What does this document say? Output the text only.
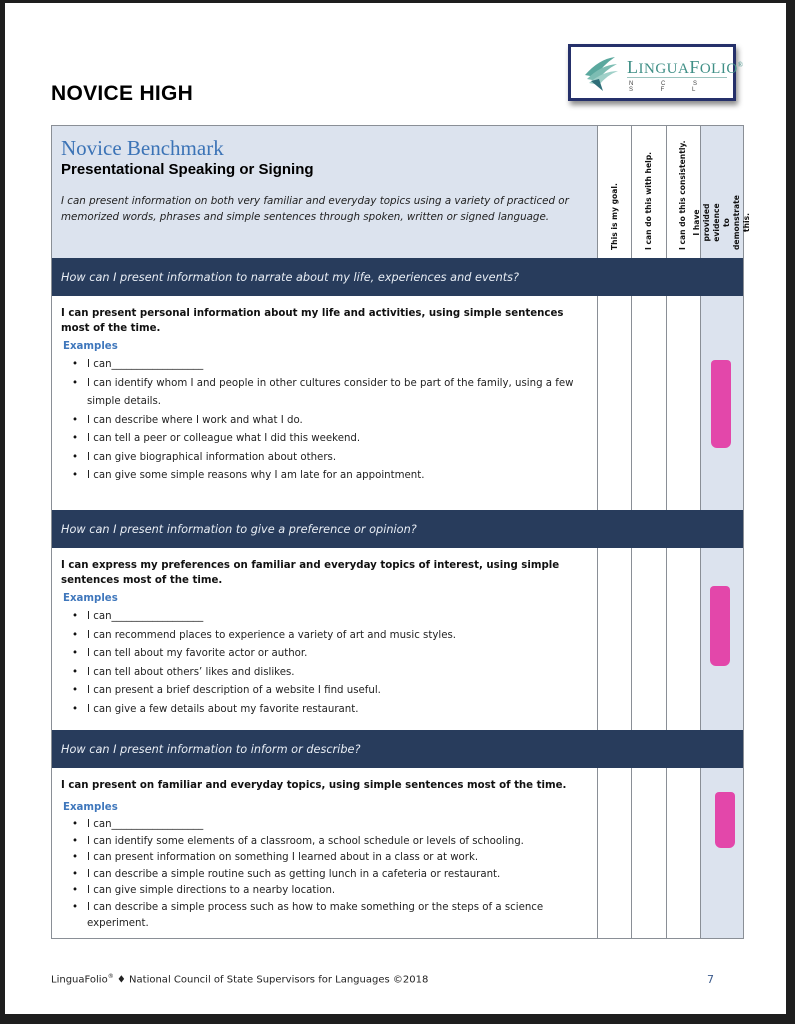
NOVICE HIGH
LINGUAFOLIO®
N C S S F L
Novice Benchmark
Presentational Speaking or Signing
I can present information on both very familiar and everyday topics using a variety of practiced or memorized words, phrases and simple sentences through spoken, written or signed language.	This is my goal.	I can do this with help.	I can do this consistently. I have provided evidence
to demonstrate this.
How can I present information to narrate about my life, experiences and events?
I can present personal information about my life and activities, using simple sentences most of the time.
Examples
• I can__________________
• I can identify whom I and people in other cultures consider to be part of the family, using a few simple details.
• I can describe where I work and what I do.
• I can tell a peer or colleague what I did this weekend.
• I can give biographical information about others.
• I can give some simple reasons why I am late for an appointment.
How can I present information to give a preference or opinion?
I can express my preferences on familiar and everyday topics of interest, using simple sentences most of the time.
Examples
• I can__________________
• I can recommend places to experience a variety of art and music styles.
• I can tell about my favorite actor or author.
• I can tell about others’ likes and dislikes.
• I can present a brief description of a website I find useful.
• I can give a few details about my favorite restaurant.
How can I present information to inform or describe?
I can present on familiar and everyday topics, using simple sentences most of the time.
Examples
• I can__________________
• I can identify some elements of a classroom, a school schedule or levels of schooling.
• I can present information on something I learned about in a class or at work.
• I can describe a simple routine such as getting lunch in a cafeteria or restaurant.
• I can give simple directions to a nearby location.
• I can describe a simple process such as how to make something or the steps of a science experiment.
LinguaFolio® ♦ National Council of State Supervisors for Languages ©2018	7
